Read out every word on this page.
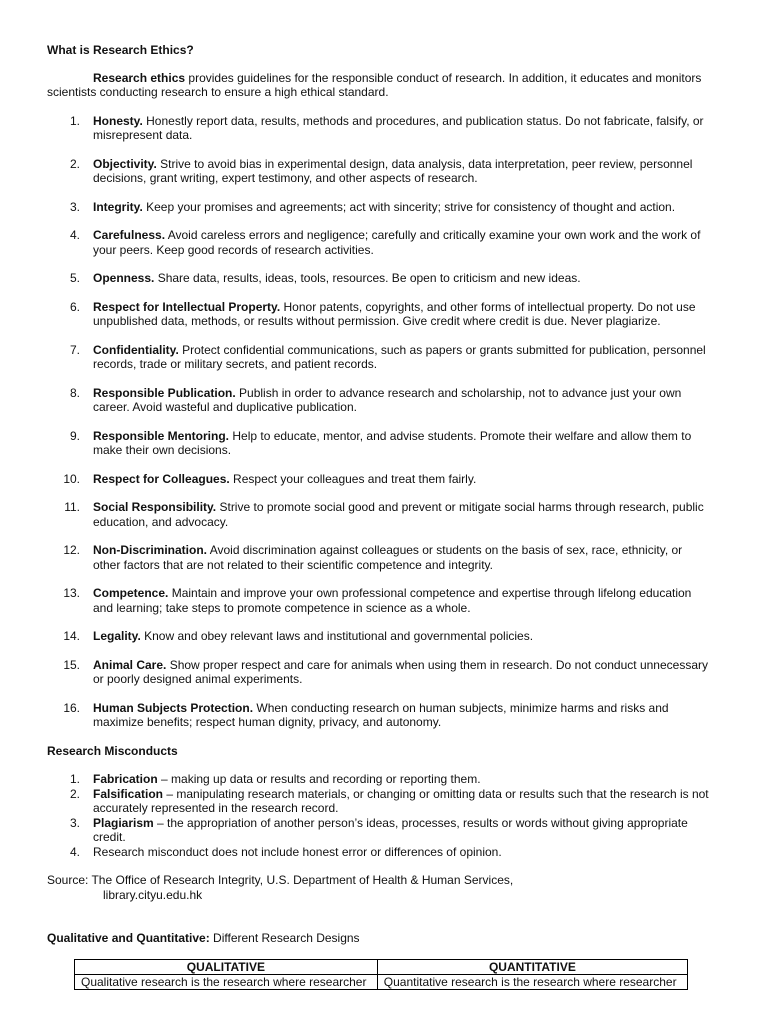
What is Research Ethics?

Research ethics provides guidelines for the responsible conduct of research. In addition, it educates and monitors scientists conducting research to ensure a high ethical standard.

1. Honesty. Honestly report data, results, methods and procedures, and publication status. Do not fabricate, falsify, or misrepresent data.
2. Objectivity. Strive to avoid bias in experimental design, data analysis, data interpretation, peer review, personnel decisions, grant writing, expert testimony, and other aspects of research.
3. Integrity. Keep your promises and agreements; act with sincerity; strive for consistency of thought and action.
4. Carefulness. Avoid careless errors and negligence; carefully and critically examine your own work and the work of your peers. Keep good records of research activities.
5. Openness. Share data, results, ideas, tools, resources. Be open to criticism and new ideas.
6. Respect for Intellectual Property. Honor patents, copyrights, and other forms of intellectual property. Do not use unpublished data, methods, or results without permission. Give credit where credit is due. Never plagiarize.
7. Confidentiality. Protect confidential communications, such as papers or grants submitted for publication, personnel records, trade or military secrets, and patient records.
8. Responsible Publication. Publish in order to advance research and scholarship, not to advance just your own career. Avoid wasteful and duplicative publication.
9. Responsible Mentoring. Help to educate, mentor, and advise students. Promote their welfare and allow them to make their own decisions.
10. Respect for Colleagues. Respect your colleagues and treat them fairly.
11. Social Responsibility. Strive to promote social good and prevent or mitigate social harms through research, public education, and advocacy.
12. Non-Discrimination. Avoid discrimination against colleagues or students on the basis of sex, race, ethnicity, or other factors that are not related to their scientific competence and integrity.
13. Competence. Maintain and improve your own professional competence and expertise through lifelong education and learning; take steps to promote competence in science as a whole.
14. Legality. Know and obey relevant laws and institutional and governmental policies.
15. Animal Care. Show proper respect and care for animals when using them in research. Do not conduct unnecessary or poorly designed animal experiments.
16. Human Subjects Protection. When conducting research on human subjects, minimize harms and risks and maximize benefits; respect human dignity, privacy, and autonomy.

Research Misconducts

1. Fabrication – making up data or results and recording or reporting them.
2. Falsification – manipulating research materials, or changing or omitting data or results such that the research is not accurately represented in the research record.
3. Plagiarism – the appropriation of another person’s ideas, processes, results or words without giving appropriate credit.
4. Research misconduct does not include honest error or differences of opinion.
Source: The Office of Research Integrity, U.S. Department of Health & Human Services,
library.cityu.edu.hk

Qualitative and Quantitative: Different Research Designs

QUALITATIVE	QUANTITATIVE
Qualitative research is the research where researcher	Quantitative research is the research where researcher
